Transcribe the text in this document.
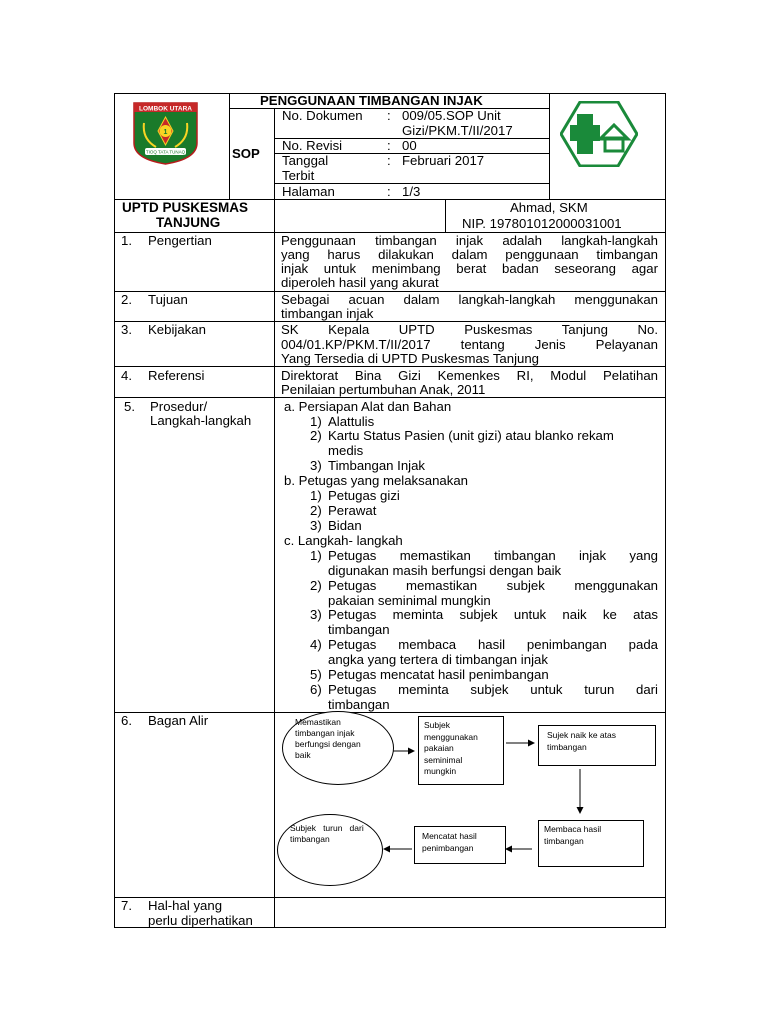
LOMBOK UTARA
1
TIOQ TATA TUNAQ	SOP
PENGGUNAAN TIMBANGAN INJAK
No. Dokumen : 009/05.SOP Unit
Gizi/PKM.T/II/2017
No. Revisi	: 00
Tanggal
Terbit
: Februari 2017
Halaman	: 1/3
UPTD PUSKESMAS
TANJUNG
Ahmad, SKM
NIP. 197801012000031001
1. Pengertian	Penggunaan timbangan injak adalah langkah-langkah
yang harus dilakukan dalam penggunaan timbangan
injak untuk menimbang berat badan seseorang agar
diperoleh hasil yang akurat
2. Tujuan	Sebagai acuan dalam langkah-langkah menggunakan
timbangan injak
3. Kebijakan	SK Kepala UPTD Puskesmas Tanjung No.
004/01.KP/PKM.T/II/2017 tentang Jenis Pelayanan
Yang Tersedia di UPTD Puskesmas Tanjung
4. Referensi	Direktorat Bina Gizi Kemenkes RI, Modul Pelatihan
Penilaian pertumbuhan Anak, 2011
5. Prosedur/
Langkah-langkah
a. Persiapan Alat dan Bahan
1) Alattulis
2) Kartu Status Pasien (unit gizi) atau blanko rekam
medis
3) Timbangan Injak
b. Petugas yang melaksanakan
1) Petugas gizi
2) Perawat
3) Bidan
c. Langkah- langkah
1) Petugas memastikan timbangan injak yang
digunakan masih berfungsi dengan baik
2) Petugas memastikan subjek menggunakan
pakaian seminimal mungkin
3) Petugas meminta subjek untuk naik ke atas
timbangan
4) Petugas membaca hasil penimbangan pada
angka yang tertera di timbangan injak
5) Petugas mencatat hasil penimbangan
6) Petugas meminta subjek untuk turun dari
timbangan
6. Bagan Alir	Memastikan
timbangan injak
berfungsi dengan
baik
Subjek
menggunakan
pakaian
seminimal
mungkin
Sujek naik ke atas
timbangan
Membaca hasil
timbangan
Mencatat hasil
penimbangan
Subjek   turun   dari
timbangan
7. Hal-hal yang
perlu diperhatikan
